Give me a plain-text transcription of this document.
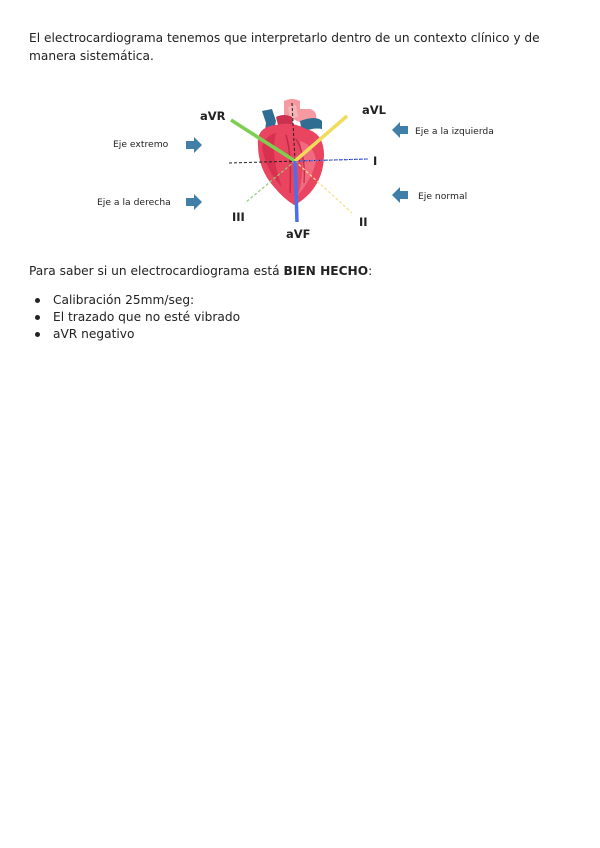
El electrocardiograma tenemos que interpretarlo dentro de un contexto clínico y de manera sistemática.

aVR	aVL
I
II
III
aVF
Eje extremo
Eje a la derecha
Eje a la izquierda
Eje normal

Para saber si un electrocardiograma está BIEN HECHO:

Calibración 25mm/seg:
El trazado que no esté vibrado
aVR negativo
